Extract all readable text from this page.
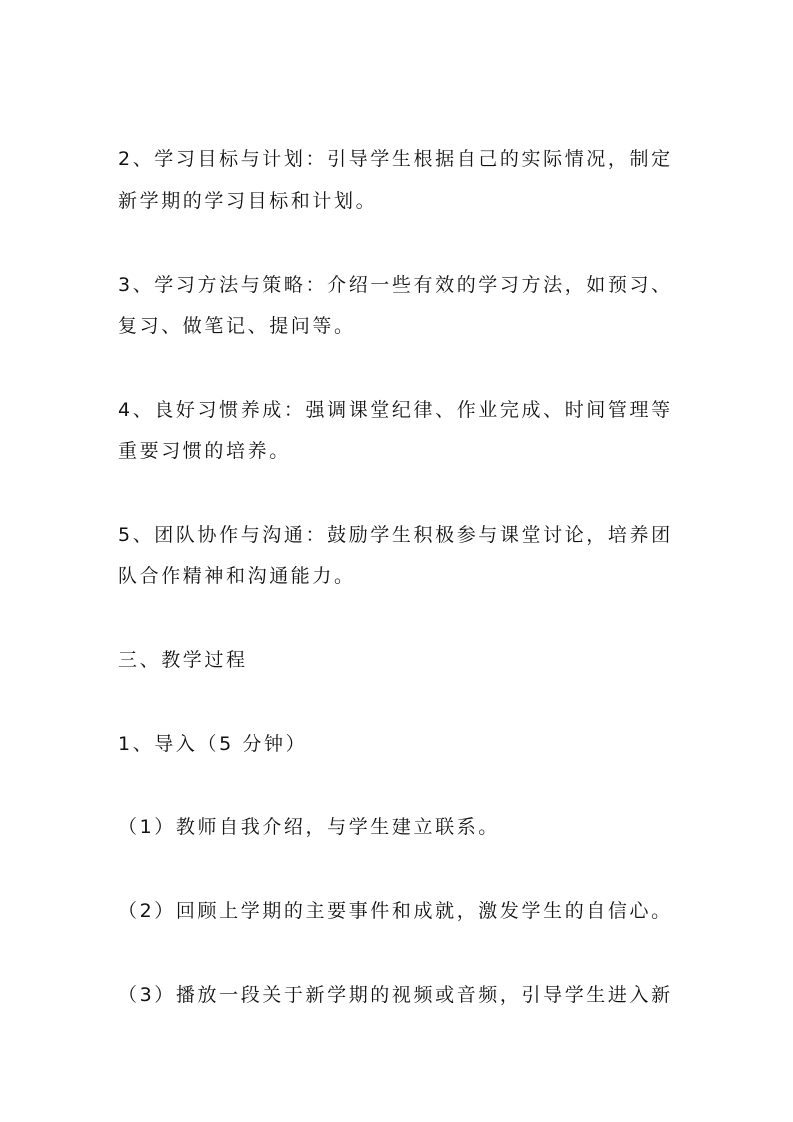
2、学习目标与计划：引导学生根据自己的实际情况，制定
新学期的学习目标和计划。
3、学习方法与策略：介绍一些有效的学习方法，如预习、
复习、做笔记、提问等。
4、良好习惯养成：强调课堂纪律、作业完成、时间管理等
重要习惯的培养。
5、团队协作与沟通：鼓励学生积极参与课堂讨论，培养团
队合作精神和沟通能力。
三、教学过程
1、导入（5 分钟）
（1）教师自我介绍，与学生建立联系。
（2）回顾上学期的主要事件和成就，激发学生的自信心。
（3）播放一段关于新学期的视频或音频，引导学生进入新
